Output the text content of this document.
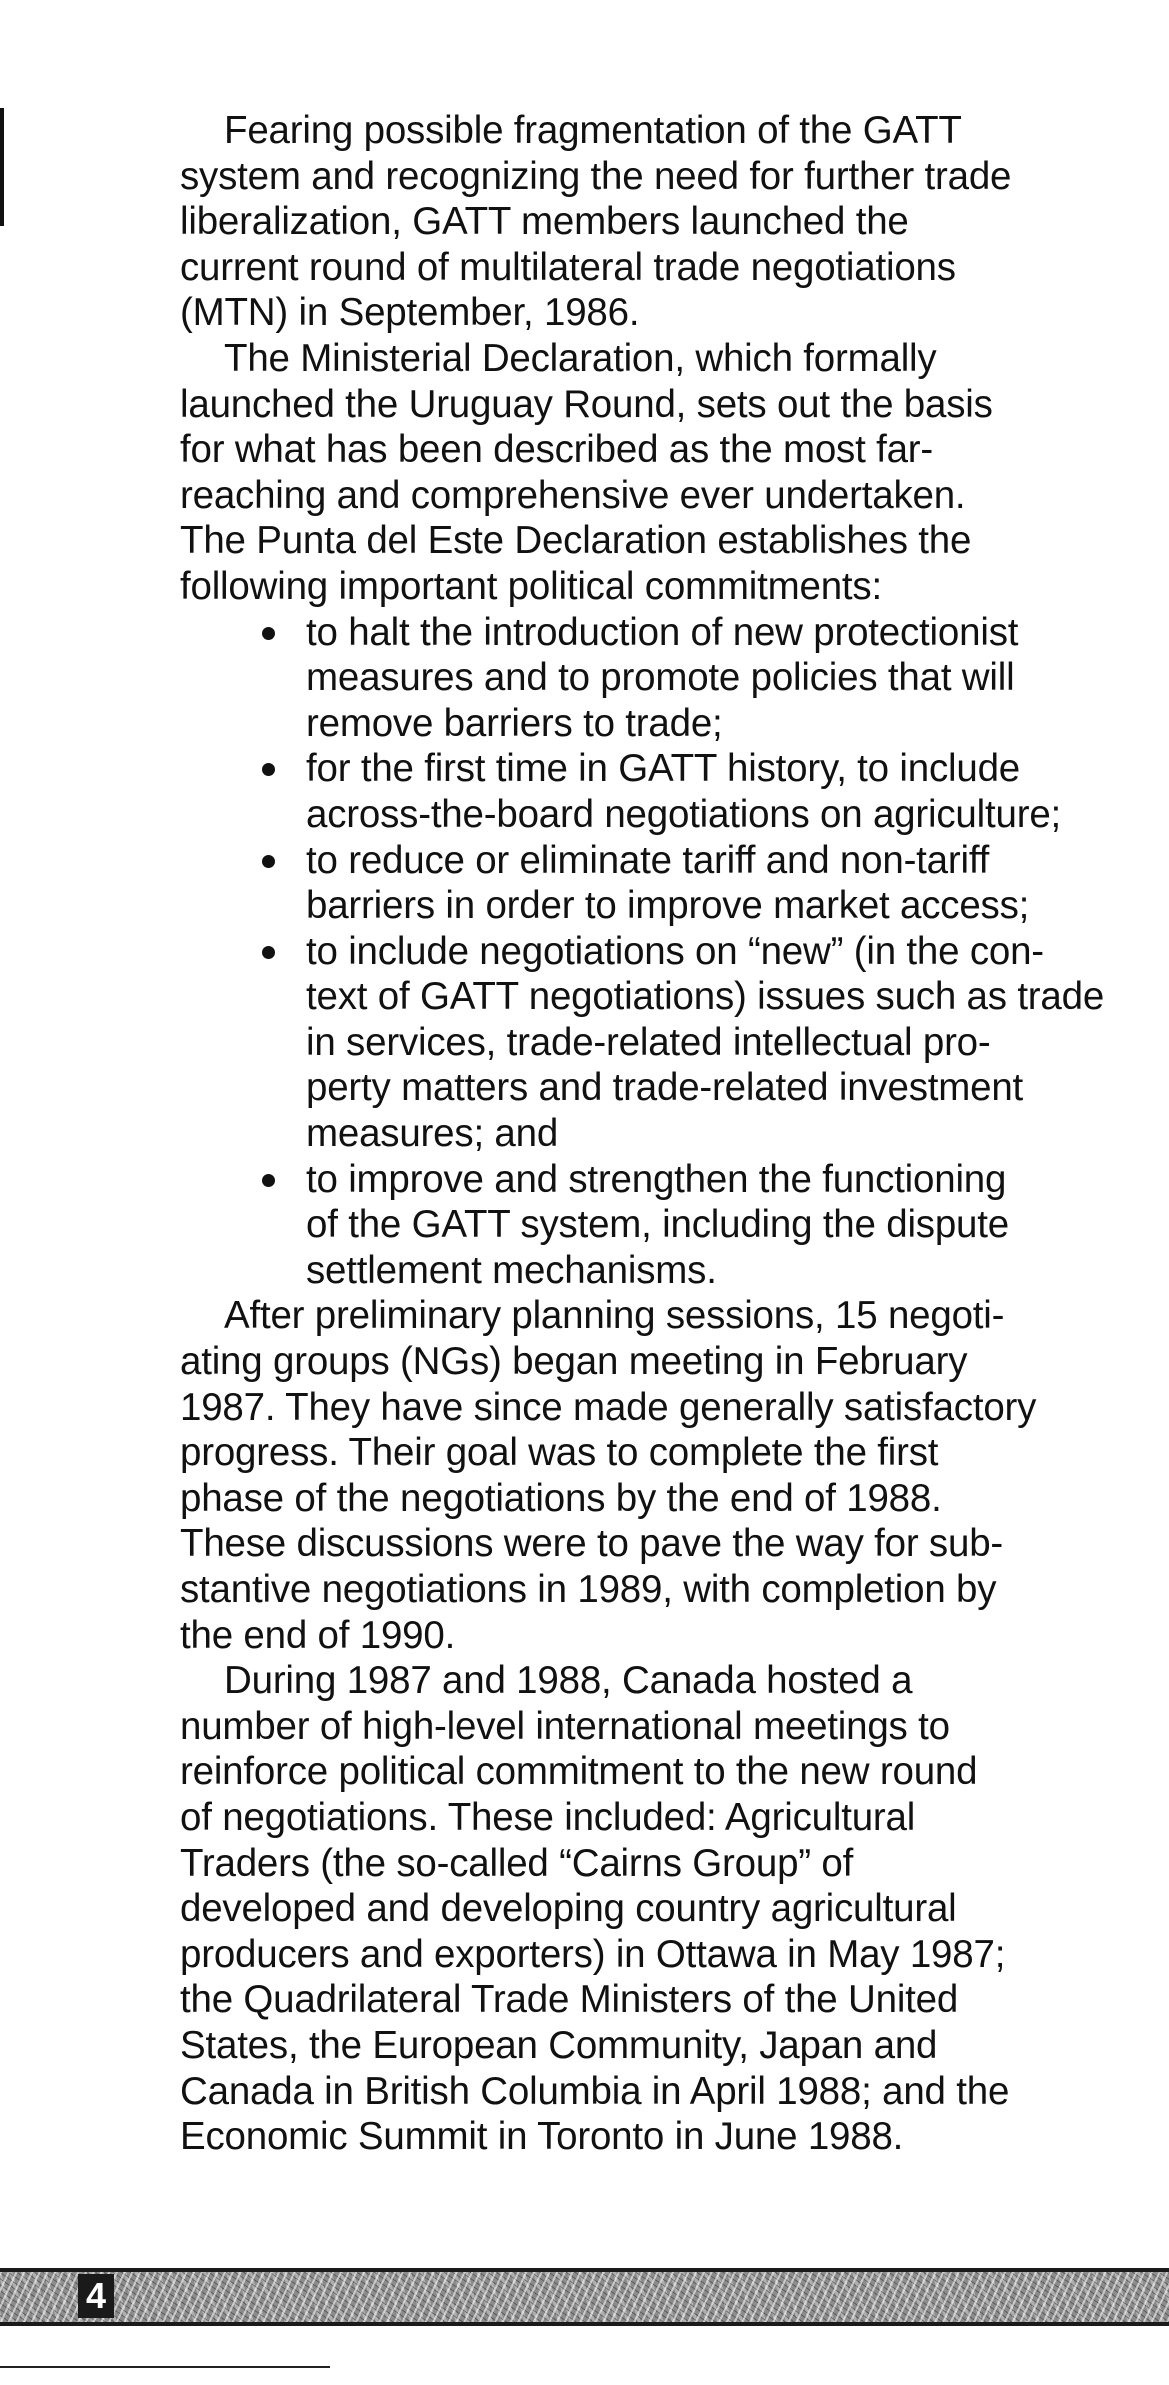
Fearing possible fragmentation of the GATT

system and recognizing the need for further trade

liberalization, GATT members launched the

current round of multilateral trade negotiations

(MTN) in September, 1986.

The Ministerial Declaration, which formally

launched the Uruguay Round, sets out the basis

for what has been described as the most far-

reaching and comprehensive ever undertaken.

The Punta del Este Declaration establishes the

following important political commitments:

to halt the introduction of new protectionist
measures and to promote policies that will
remove barriers to trade;
for the first time in GATT history, to include
across-the-board negotiations on agriculture;
to reduce or eliminate tariff and non-tariff
barriers in order to improve market access;
to include negotiations on “new” (in the con-
text of GATT negotiations) issues such as trade
in services, trade-related intellectual pro-
perty matters and trade-related investment
measures; and
to improve and strengthen the functioning
of the GATT system, including the dispute
settlement mechanisms.

After preliminary planning sessions, 15 negoti-

ating groups (NGs) began meeting in February

1987. They have since made generally satisfactory

progress. Their goal was to complete the first

phase of the negotiations by the end of 1988.

These discussions were to pave the way for sub-

stantive negotiations in 1989, with completion by

the end of 1990.

During 1987 and 1988, Canada hosted a

number of high-level international meetings to

reinforce political commitment to the new round

of negotiations. These included: Agricultural

Traders (the so-called “Cairns Group” of

developed and developing country agricultural

producers and exporters) in Ottawa in May 1987;

the Quadrilateral Trade Ministers of the United

States, the European Community, Japan and

Canada in British Columbia in April 1988; and the

Economic Summit in Toronto in June 1988.

4
